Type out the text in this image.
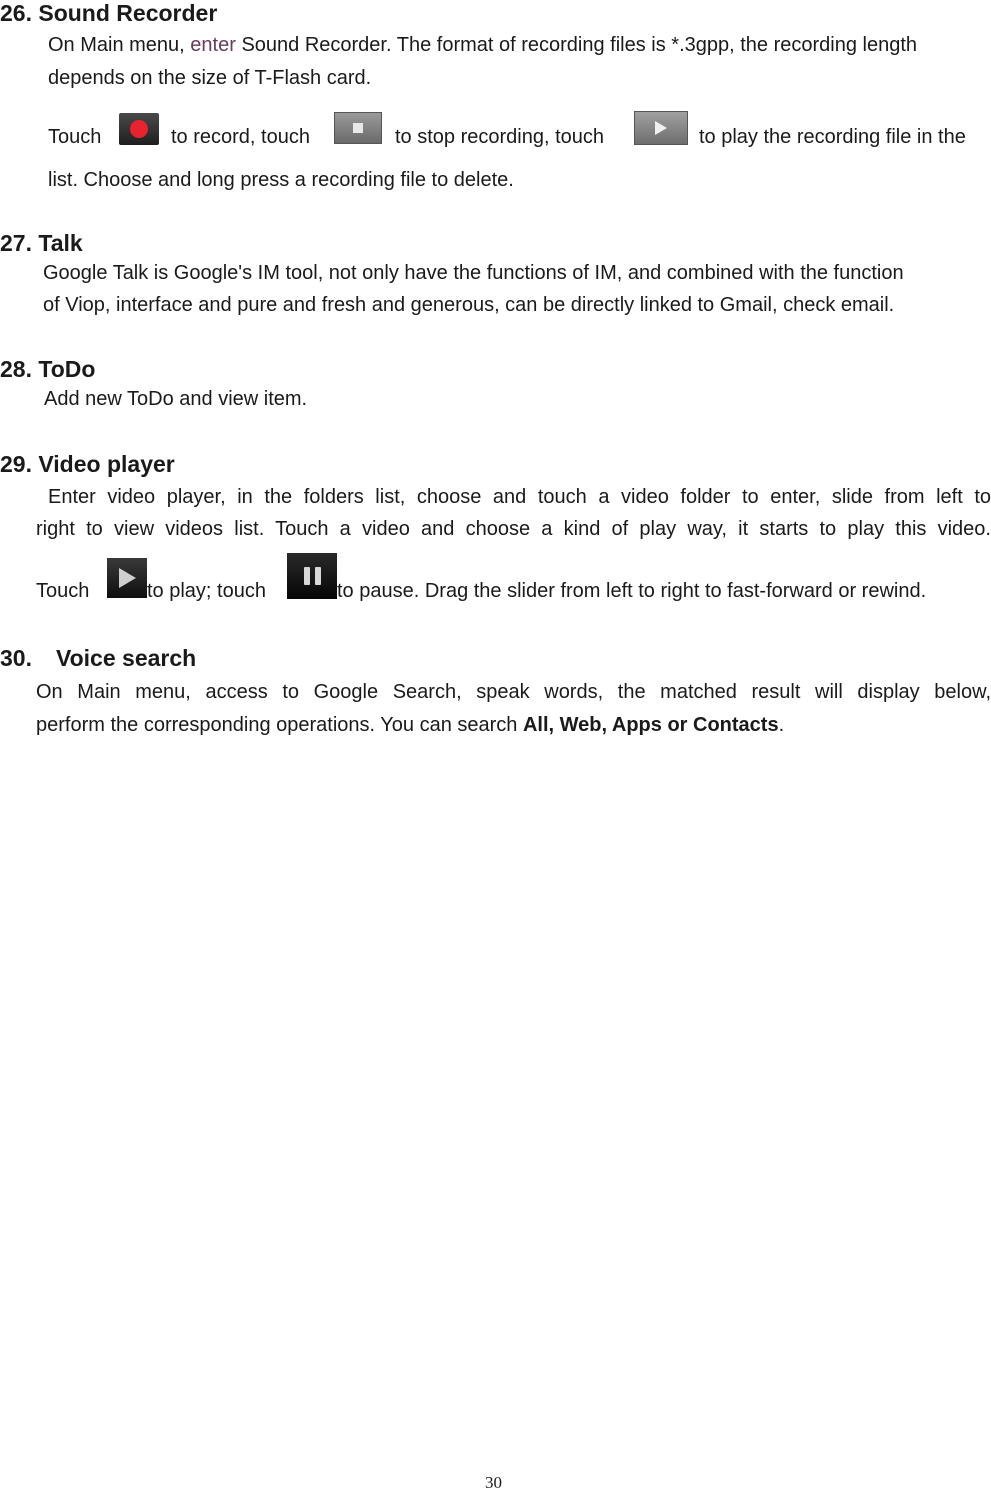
26. Sound Recorder
On Main menu, enter Sound Recorder. The format of recording files is *.3gpp, the recording length
depends on the size of T-Flash card.
Touch	to record, touch	to stop recording, touch	to play the recording file in the
list. Choose and long press a recording file to delete.
27. Talk
Google Talk is Google's IM tool, not only have the functions of IM, and combined with the function
of Viop, interface and pure and fresh and generous, can be directly linked to Gmail, check email.
28. ToDo
Add new ToDo and view item.
29. Video player
Enter video player, in the folders list, choose and touch a video folder to enter, slide from left to
right to view videos list. Touch a video and choose a kind of play way, it starts to play this video.
Touch	to play; touch	to pause. Drag the slider from left to right to fast-forward or rewind.
30. Voice search
On Main menu, access to Google Search, speak words, the matched result will display below,
perform the corresponding operations. You can search All, Web, Apps or Contacts.
30
